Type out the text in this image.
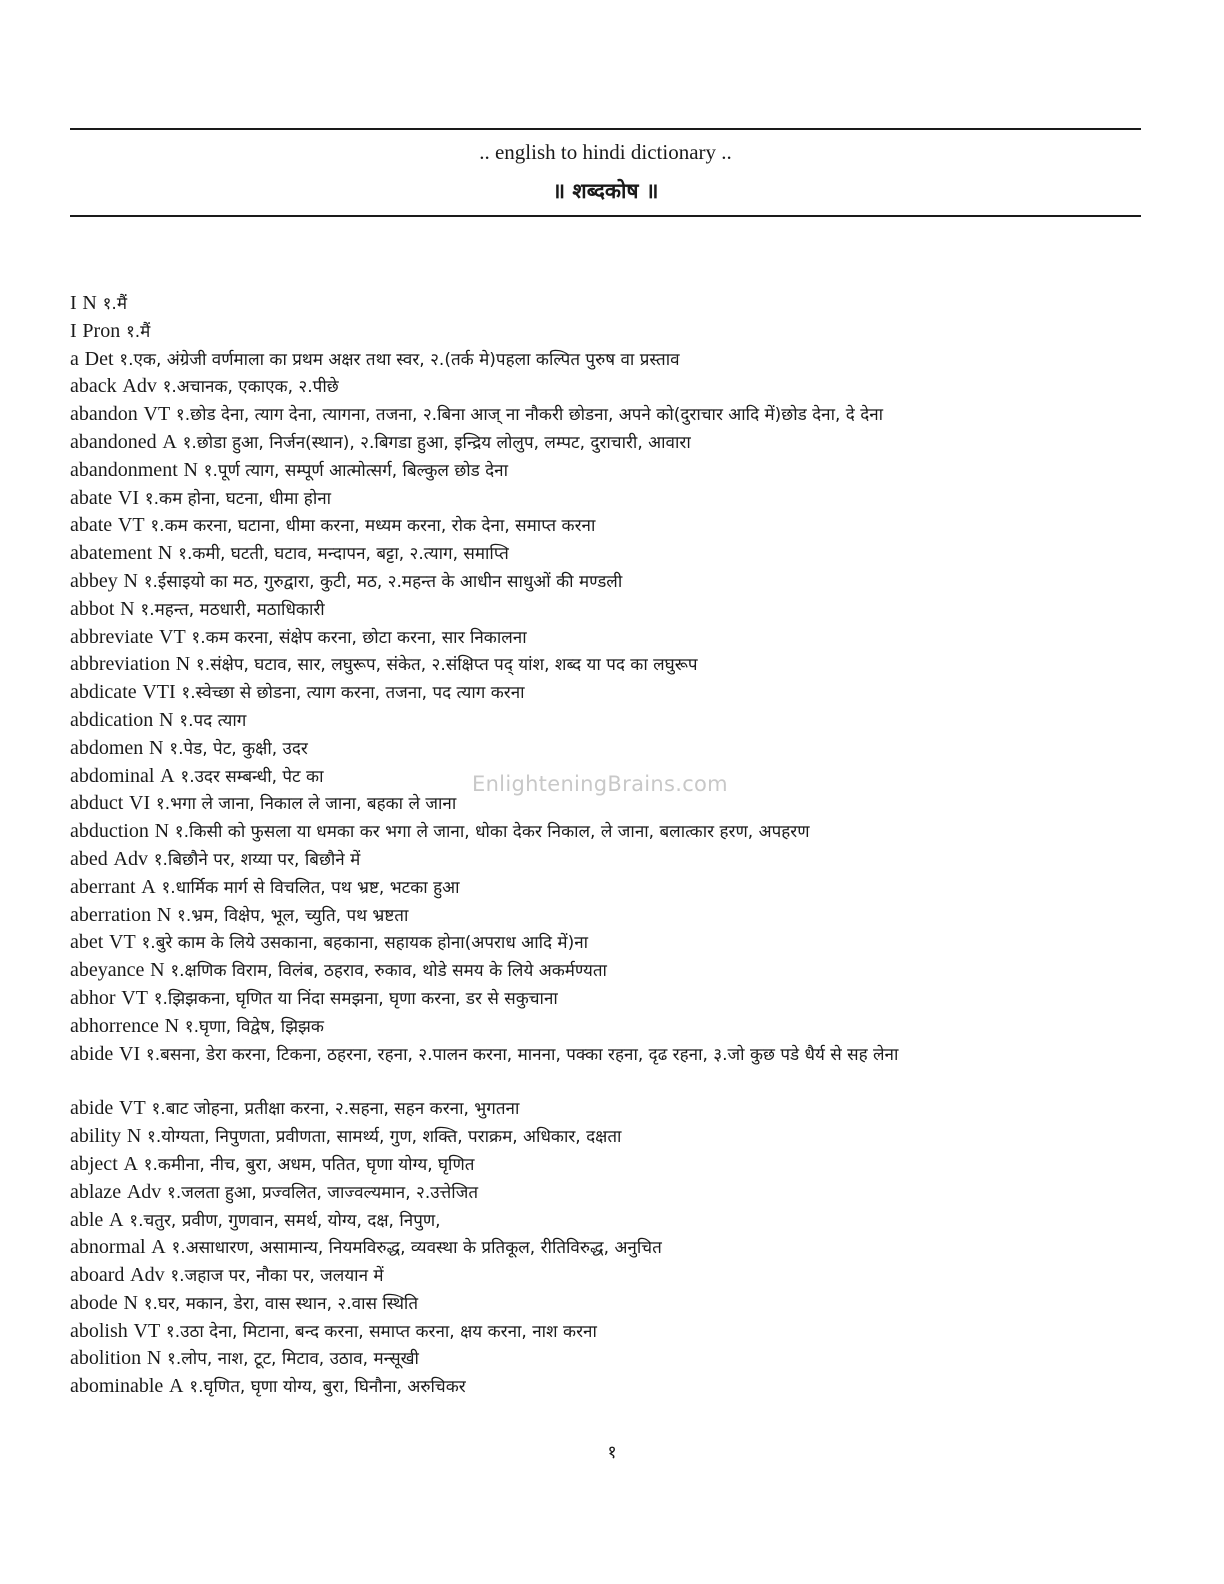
.. english to hindi dictionary ..
॥ शब्दकोष ॥
I N १.मैं
I Pron १.मैं
a Det १.एक, अंग्रेजी वर्णमाला का प्रथम अक्षर तथा स्वर, २.(तर्क मे)पहला कल्पित पुरुष वा प्रस्ताव
aback Adv १.अचानक, एकाएक, २.पीछे
abandon VT १.छोड देना, त्याग देना, त्यागना, तजना, २.बिना आज् ना नौकरी छोडना, अपने को(दुराचार आदि में)छोड देना, दे देना
abandoned A १.छोडा हुआ, निर्जन(स्थान), २.बिगडा हुआ, इन्द्रिय लोलुप, लम्पट, दुराचारी, आवारा
abandonment N १.पूर्ण त्याग, सम्पूर्ण आत्मोत्सर्ग, बिल्कुल छोड देना
abate VI १.कम होना, घटना, धीमा होना
abate VT १.कम करना, घटाना, धीमा करना, मध्यम करना, रोक देना, समाप्त करना
abatement N १.कमी, घटती, घटाव, मन्दापन, बट्टा, २.त्याग, समाप्ति
abbey N १.ईसाइयो का मठ, गुरुद्वारा, कुटी, मठ, २.महन्त के आधीन साधुओं की मण्डली
abbot N १.महन्त, मठधारी, मठाधिकारी
abbreviate VT १.कम करना, संक्षेप करना, छोटा करना, सार निकालना
abbreviation N १.संक्षेप, घटाव, सार, लघुरूप, संकेत, २.संक्षिप्त पद् यांश, शब्द या पद का लघुरूप
abdicate VTI १.स्वेच्छा से छोडना, त्याग करना, तजना, पद त्याग करना
abdication N १.पद त्याग
abdomen N १.पेड, पेट, कुक्षी, उदर
abdominal A १.उदर सम्बन्धी, पेट का
abduct VI १.भगा ले जाना, निकाल ले जाना, बहका ले जाना
abduction N १.किसी को फुसला या धमका कर भगा ले जाना, धोका देकर निकाल, ले जाना, बलात्कार हरण, अपहरण
abed Adv १.बिछौने पर, शय्या पर, बिछौने में
aberrant A १.धार्मिक मार्ग से विचलित, पथ भ्रष्ट, भटका हुआ
aberration N १.भ्रम, विक्षेप, भूल, च्युति, पथ भ्रष्टता
abet VT १.बुरे काम के लिये उसकाना, बहकाना, सहायक होना(अपराध आदि में)ना
abeyance N १.क्षणिक विराम, विलंब, ठहराव, रुकाव, थोडे समय के लिये अकर्मण्यता
abhor VT १.झिझकना, घृणित या निंदा समझना, घृणा करना, डर से सकुचाना
abhorrence N १.घृणा, विद्वेष, झिझक
abide VI १.बसना, डेरा करना, टिकना, ठहरना, रहना, २.पालन करना, मानना, पक्का रहना, दृढ रहना, ३.जो कुछ पडे धैर्य से सह लेना
abide VT १.बाट जोहना, प्रतीक्षा करना, २.सहना, सहन करना, भुगतना
ability N १.योग्यता, निपुणता, प्रवीणता, सामर्थ्य, गुण, शक्ति, पराक्रम, अधिकार, दक्षता
abject A १.कमीना, नीच, बुरा, अधम, पतित, घृणा योग्य, घृणित
ablaze Adv १.जलता हुआ, प्रज्वलित, जाज्वल्यमान, २.उत्तेजित
able A १.चतुर, प्रवीण, गुणवान, समर्थ, योग्य, दक्ष, निपुण,
abnormal A १.असाधारण, असामान्य, नियमविरुद्ध, व्यवस्था के प्रतिकूल, रीतिविरुद्ध, अनुचित
aboard Adv १.जहाज पर, नौका पर, जलयान में
abode N १.घर, मकान, डेरा, वास स्थान, २.वास स्थिति
abolish VT १.उठा देना, मिटाना, बन्द करना, समाप्त करना, क्षय करना, नाश करना
abolition N १.लोप, नाश, टूट, मिटाव, उठाव, मन्सूखी
abominable A १.घृणित, घृणा योग्य, बुरा, घिनौना, अरुचिकर
EnlighteningBrains.com
१
